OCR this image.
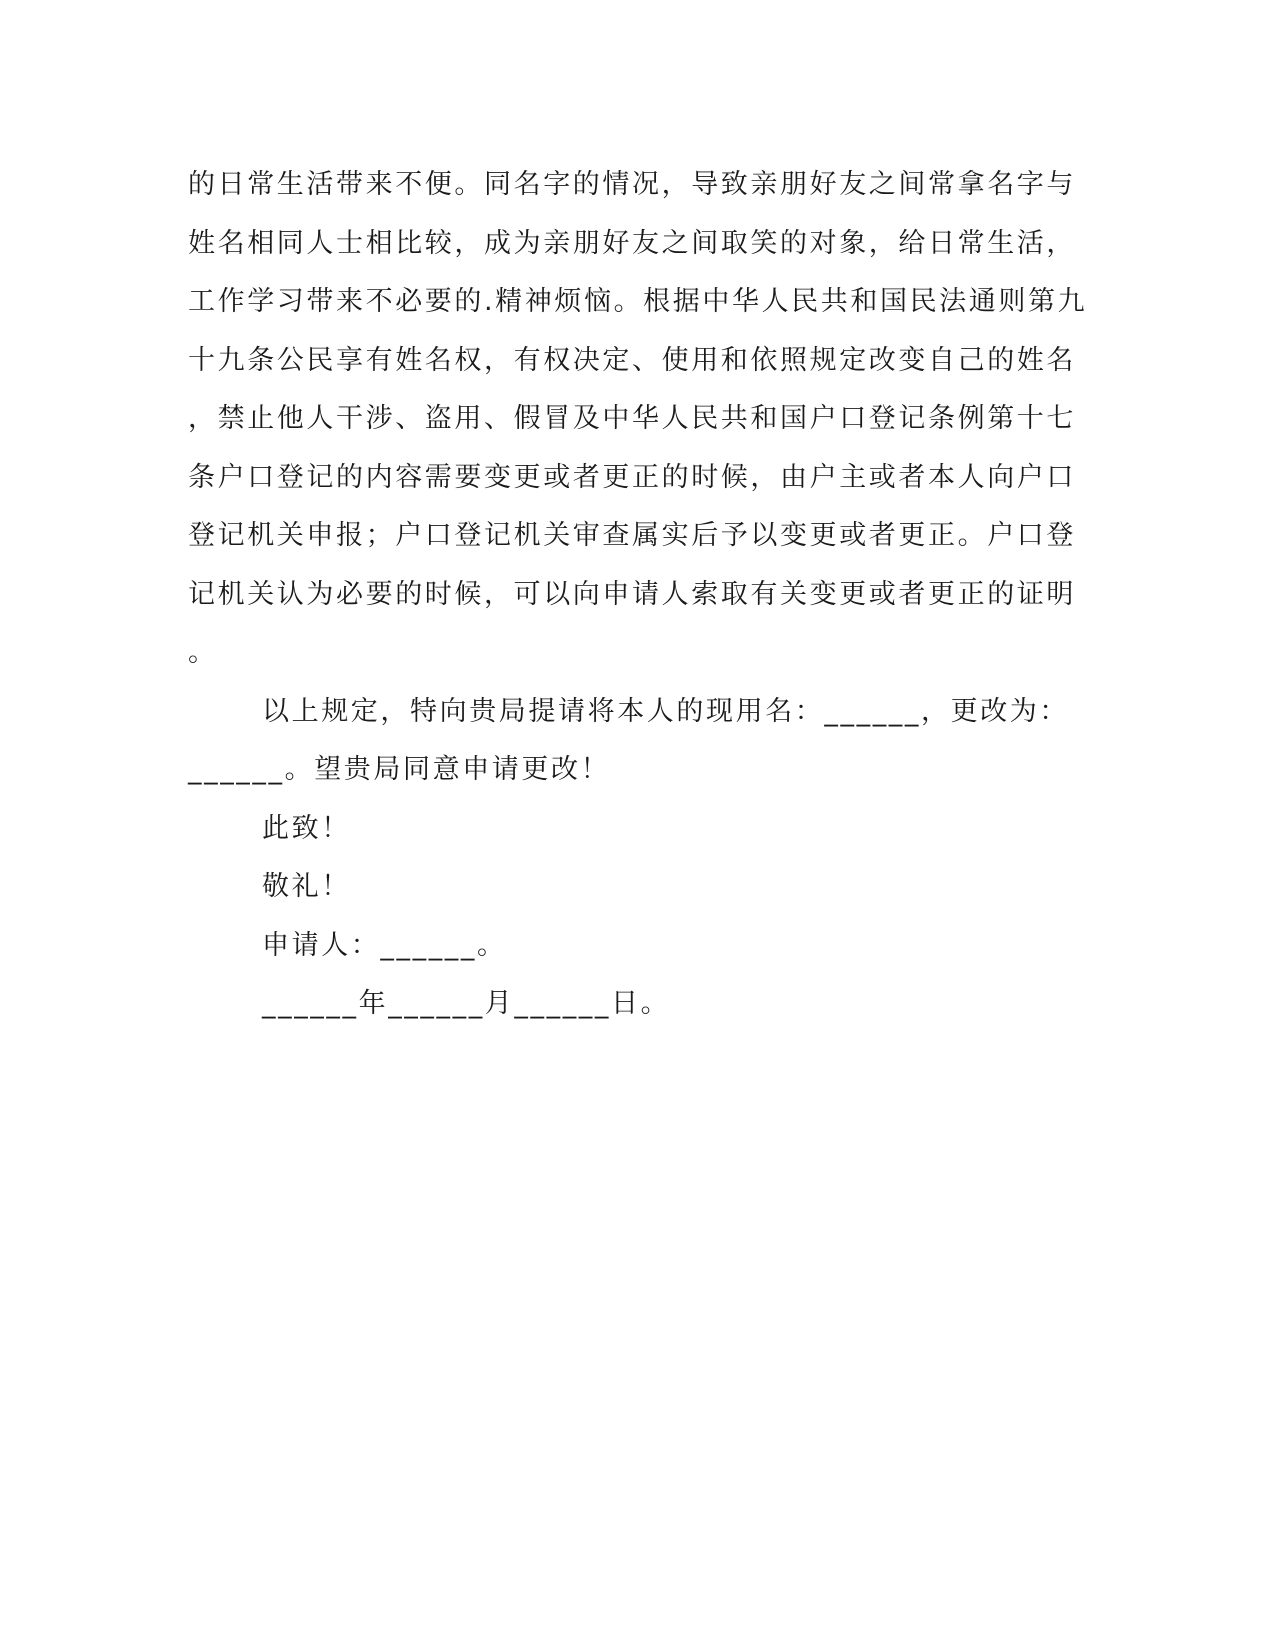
的日常生活带来不便。同名字的情况，导致亲朋好友之间常拿名字与
姓名相同人士相比较，成为亲朋好友之间取笑的对象，给日常生活，
工作学习带来不必要的.精神烦恼。根据中华人民共和国民法通则第九
十九条公民享有姓名权，有权决定、使用和依照规定改变自己的姓名
，禁止他人干涉、盗用、假冒及中华人民共和国户口登记条例第十七
条户口登记的内容需要变更或者更正的时候，由户主或者本人向户口
登记机关申报；户口登记机关审查属实后予以变更或者更正。户口登
记机关认为必要的时候，可以向申请人索取有关变更或者更正的证明
。
以上规定，特向贵局提请将本人的现用名：______，更改为：
______。望贵局同意申请更改！
此致！
敬礼！
申请人：______。
______年______月______日。
